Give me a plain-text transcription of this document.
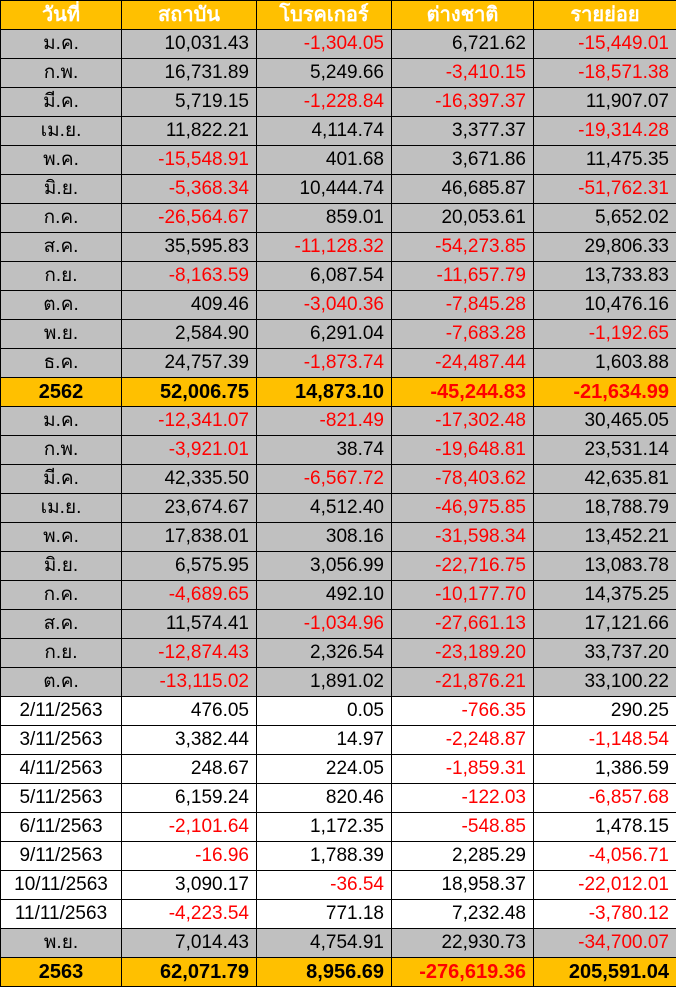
วันที่	สถาบัน	โบรคเกอร์	ต่างชาติ	รายย่อย
ม.ค.	10,031.43	-1,304.05	6,721.62	-15,449.01
ก.พ.	16,731.89	5,249.66	-3,410.15	-18,571.38
มี.ค.	5,719.15	-1,228.84	-16,397.37	11,907.07
เม.ย.	11,822.21	4,114.74	3,377.37	-19,314.28
พ.ค.	-15,548.91	401.68	3,671.86	11,475.35
มิ.ย.	-5,368.34	10,444.74	46,685.87	-51,762.31
ก.ค.	-26,564.67	859.01	20,053.61	5,652.02
ส.ค.	35,595.83	-11,128.32	-54,273.85	29,806.33
ก.ย.	-8,163.59	6,087.54	-11,657.79	13,733.83
ต.ค.	409.46	-3,040.36	-7,845.28	10,476.16
พ.ย.	2,584.90	6,291.04	-7,683.28	-1,192.65
ธ.ค.	24,757.39	-1,873.74	-24,487.44	1,603.88
2562	52,006.75	14,873.10	-45,244.83	-21,634.99
ม.ค.	-12,341.07	-821.49	-17,302.48	30,465.05
ก.พ.	-3,921.01	38.74	-19,648.81	23,531.14
มี.ค.	42,335.50	-6,567.72	-78,403.62	42,635.81
เม.ย.	23,674.67	4,512.40	-46,975.85	18,788.79
พ.ค.	17,838.01	308.16	-31,598.34	13,452.21
มิ.ย.	6,575.95	3,056.99	-22,716.75	13,083.78
ก.ค.	-4,689.65	492.10	-10,177.70	14,375.25
ส.ค.	11,574.41	-1,034.96	-27,661.13	17,121.66
ก.ย.	-12,874.43	2,326.54	-23,189.20	33,737.20
ต.ค.	-13,115.02	1,891.02	-21,876.21	33,100.22
2/11/2563	476.05	0.05	-766.35	290.25
3/11/2563	3,382.44	14.97	-2,248.87	-1,148.54
4/11/2563	248.67	224.05	-1,859.31	1,386.59
5/11/2563	6,159.24	820.46	-122.03	-6,857.68
6/11/2563	-2,101.64	1,172.35	-548.85	1,478.15
9/11/2563	-16.96	1,788.39	2,285.29	-4,056.71
10/11/2563	3,090.17	-36.54	18,958.37	-22,012.01
11/11/2563	-4,223.54	771.18	7,232.48	-3,780.12
พ.ย.	7,014.43	4,754.91	22,930.73	-34,700.07
2563	62,071.79	8,956.69	-276,619.36	205,591.04
